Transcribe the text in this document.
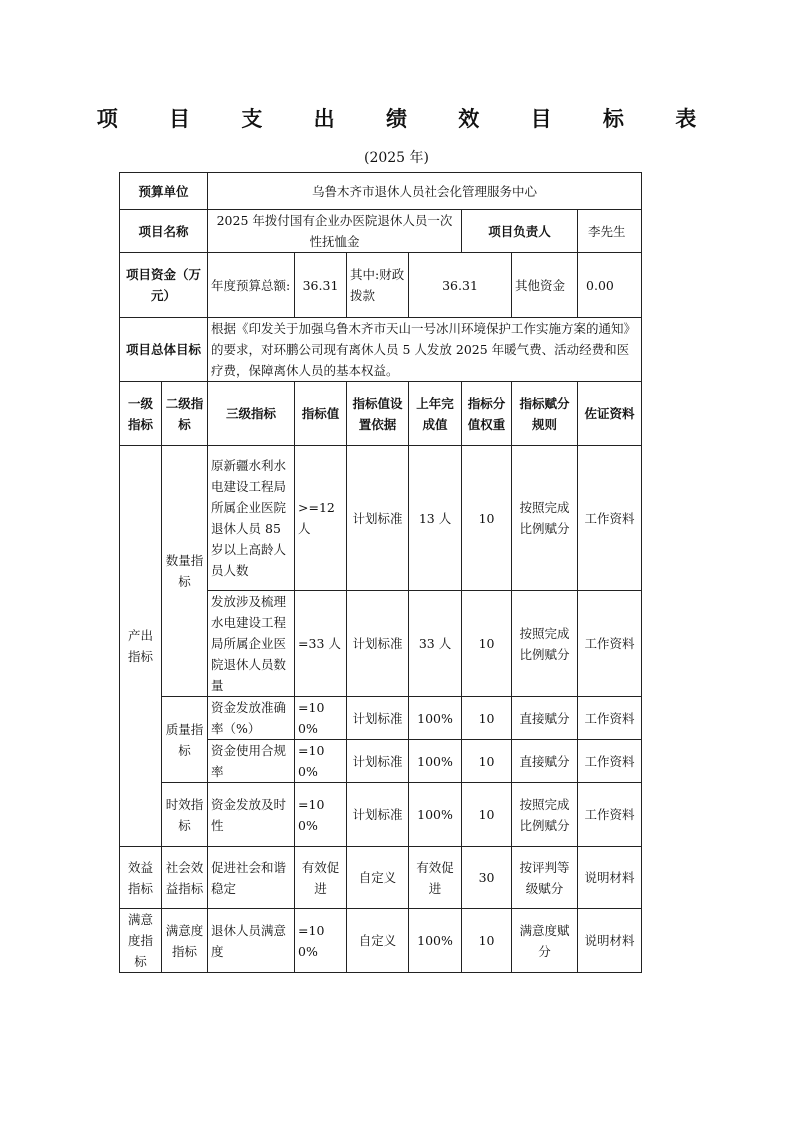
项 目 支 出 绩 效 目 标 表
(2025 年)
预算单位		乌鲁木齐市退休人员社会化管理服务中心						
项目名称		2025 年拨付国有企业办医院退休人员一次性抚恤金				项目负责人		李先生
项目资金（万元）		年度预算总额:	36.31	其中:财政拨款	36.31		其他资金	0.00
项目总体目标		根据《印发关于加强乌鲁木齐市天山一号冰川环境保护工作实施方案的通知》的要求，对环鹏公司现有离休人员 5 人发放 2025 年暖气费、活动经费和医疗费，保障离休人员的基本权益。						
一级指标	二级指标	三级指标	指标值	指标值设置依据	上年完成值	指标分值权重	指标赋分规则	佐证资料
产出指标	数量指标	原新疆水利水电建设工程局所属企业医院退休人员 85 岁以上高龄人员人数	>=12 人	计划标准	13 人	10	按照完成比例赋分	工作资料
		发放涉及梳理水电建设工程局所属企业医院退休人员数量	=33 人	计划标准	33 人	10	按照完成比例赋分	工作资料
	质量指标	资金发放准确率（%）	=100%	计划标准	100%	10	直接赋分	工作资料
		资金使用合规率	=100%	计划标准	100%	10	直接赋分	工作资料
	时效指标	资金发放及时性	=100%	计划标准	100%	10	按照完成比例赋分	工作资料
效益指标	社会效益指标	促进社会和谐稳定	有效促进	自定义	有效促进	30	按评判等级赋分	说明材料
满意度指标	满意度指标	退休人员满意度	=100%	自定义	100%	10	满意度赋分	说明材料
